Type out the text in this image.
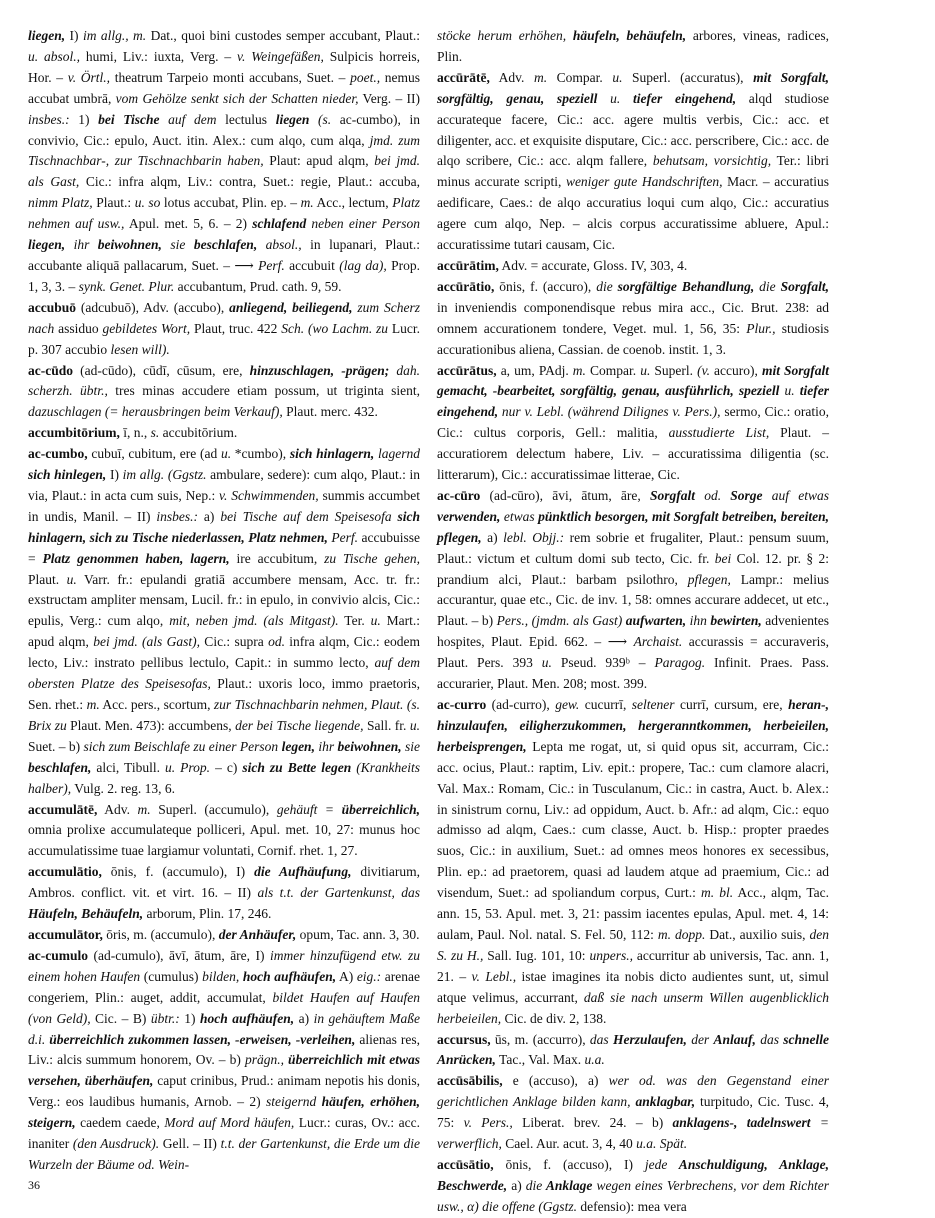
liegen, I) im allg., m. Dat., quoi bini custodes semper accubant, Plaut.: u. absol., humi, Liv.: iuxta, Verg. – v. Weingefäßen, Sulpicis horreis, Hor. – v. Örtl., theatrum Tarpeio monti accubans, Suet. – poet., nemus accubat umbrā, vom Gehölze senkt sich der Schatten nieder, Verg. – II) insbes.: 1) bei Tische auf dem lectulus liegen (s. ac-cumbo), in convivio, Cic.: epulo, Auct. itin. Alex.: cum alqo, cum alqa, jmd. zum Tischnachbar-, zur Tischnachbarin haben, Plaut: apud alqm, bei jmd. als Gast, Cic.: infra alqm, Liv.: contra, Suet.: regie, Plaut.: accuba, nimm Platz, Plaut.: u. so lotus accubat, Plin. ep. – m. Acc., lectum, Platz nehmen auf usw., Apul. met. 5, 6. – 2) schlafend neben einer Person liegen, ihr beiwohnen, sie beschlafen, absol., in lupanari, Plaut.: accubante aliquā pallacarum, Suet. – ⟶ Perf. accubuit (lag da), Prop. 1, 3, 3. – synk. Genet. Plur. accubantum, Prud. cath. 9, 59.

accubuō (adcubuō), Adv. (accubo), anliegend, beiliegend, zum Scherz nach assiduo gebildetes Wort, Plaut, truc. 422 Sch. (wo Lachm. zu Lucr. p. 307 accubio lesen will).

ac-cūdo (ad-cūdo), cūdī, cūsum, ere, hinzuschlagen, -prägen; dah. scherzh. übtr., tres minas accudere etiam possum, ut triginta sient, dazuschlagen (= herausbringen beim Verkauf), Plaut. merc. 432.

accumbitōrium, ī, n., s. accubitōrium.

ac-cumbo, cubuī, cubitum, ere (ad u. *cumbo), sich hinlagern, lagernd sich hinlegen, I) im allg. (Ggstz. ambulare, sedere): cum alqo, Plaut.: in via, Plaut.: in acta cum suis, Nep.: v. Schwimmenden, summis accumbet in undis, Manil. – II) insbes.: a) bei Tische auf dem Speisesofa sich hinlagern, sich zu Tische niederlassen, Platz nehmen, Perf. accubuisse = Platz genommen haben, lagern, ire accubitum, zu Tische gehen, Plaut. u. Varr. fr.: epulandi gratiā accumbere mensam, Acc. tr. fr.: exstructam ampliter mensam, Lucil. fr.: in epulo, in convivio alcis, Cic.: epulis, Verg.: cum alqo, mit, neben jmd. (als Mitgast). Ter. u. Mart.: apud alqm, bei jmd. (als Gast), Cic.: supra od. infra alqm, Cic.: eodem lecto, Liv.: instrato pellibus lectulo, Capit.: in summo lecto, auf dem obersten Platze des Speisesofas, Plaut.: uxoris loco, immo praetoris, Sen. rhet.: m. Acc. pers., scortum, zur Tischnachbarin nehmen, Plaut. (s. Brix zu Plaut. Men. 473): accumbens, der bei Tische liegende, Sall. fr. u. Suet. – b) sich zum Beischlafe zu einer Person legen, ihr beiwohnen, sie beschlafen, alci, Tibull. u. Prop. – c) sich zu Bette legen (Krankheits halber), Vulg. 2. reg. 13, 6.

accumulātē, Adv. m. Superl. (accumulo), gehäuft = überreichlich, omnia prolixe accumulateque polliceri, Apul. met. 10, 27: munus hoc accumulatissime tuae largiamur voluntati, Cornif. rhet. 1, 27.

accumulātio, ōnis, f. (accumulo), I) die Aufhäufung, divitiarum, Ambros. conflict. vit. et virt. 16. – II) als t.t. der Gartenkunst, das Häufeln, Behäufeln, arborum, Plin. 17, 246.

accumulātor, ōris, m. (accumulo), der Anhäufer, opum, Tac. ann. 3, 30.

ac-cumulo (ad-cumulo), āvī, ātum, āre, I) immer hinzufügend etw. zu einem hohen Haufen (cumulus) bilden, hoch aufhäufen, A) eig.: arenae congeriem, Plin.: auget, addit, accumulat, bildet Haufen auf Haufen (von Geld), Cic. – B) übtr.: 1) hoch aufhäufen, a) in gehäuftem Maße d.i. überreichlich zukommen lassen, -erweisen, -verleihen, alienas res, Liv.: alcis summum honorem, Ov. – b) prägn., überreichlich mit etwas versehen, überhäufen, caput crinibus, Prud.: animam nepotis his donis, Verg.: eos laudibus humanis, Arnob. – 2) steigernd häufen, erhöhen, steigern, caedem caede, Mord auf Mord häufen, Lucr.: curas, Ov.: acc. inaniter (den Ausdruck). Gell. – II) t.t. der Gartenkunst, die Erde um die Wurzeln der Bäume od. Wein-

stöcke herum erhöhen, häufeln, behäufeln, arbores, vineas, radices, Plin.

accūrātē, Adv. m. Compar. u. Superl. (accuratus), mit Sorgfalt, sorgfältig, genau, speziell u. tiefer eingehend, alqd studiose accurateque facere, Cic.: acc. agere multis verbis, Cic.: acc. et diligenter, acc. et exquisite disputare, Cic.: acc. perscribere, Cic.: acc. de alqo scribere, Cic.: acc. alqm fallere, behutsam, vorsichtig, Ter.: libri minus accurate scripti, weniger gute Handschriften, Macr. – accuratius aedificare, Caes.: de alqo accuratius loqui cum alqo, Cic.: accuratius agere cum alqo, Nep. – alcis corpus accuratissime abluere, Apul.: accuratissime tutari causam, Cic.

accūrātim, Adv. = accurate, Gloss. IV, 303, 4.

accūrātio, ōnis, f. (accuro), die sorgfältige Behandlung, die Sorgfalt, in inveniendis componendisque rebus mira acc., Cic. Brut. 238: ad omnem accurationem tondere, Veget. mul. 1, 56, 35: Plur., studiosis accurationibus aliena, Cassian. de coenob. instit. 1, 3.

accūrātus, a, um, PAdj. m. Compar. u. Superl. (v. accuro), mit Sorgfalt gemacht, -bearbeitet, sorgfältig, genau, ausführlich, speziell u. tiefer eingehend, nur v. Lebl. (während Dilignes v. Pers.), sermo, Cic.: oratio, Cic.: cultus corporis, Gell.: malitia, ausstudierte List, Plaut. – accuratiorem delectum habere, Liv. – accuratissima diligentia (sc. litterarum), Cic.: accuratissimae litterae, Cic.

ac-cūro (ad-cūro), āvi, ātum, āre, Sorgfalt od. Sorge auf etwas verwenden, etwas pünktlich besorgen, mit Sorgfalt betreiben, bereiten, pflegen, a) lebl. Objj.: rem sobrie et frugaliter, Plaut.: pensum suum, Plaut.: victum et cultum domi sub tecto, Cic. fr. bei Col. 12. pr. § 2: prandium alci, Plaut.: barbam psilothro, pflegen, Lampr.: melius accurantur, quae etc., Cic. de inv. 1, 58: omnes accurare addecet, ut etc., Plaut. – b) Pers., (jmdm. als Gast) aufwarten, ihn bewirten, advenientes hospites, Plaut. Epid. 662. – ⟶ Archaist. accurassis = accuraveris, Plaut. Pers. 393 u. Pseud. 939ᵇ – Paragog. Infinit. Praes. Pass. accurarier, Plaut. Men. 208; most. 399.

ac-curro (ad-curro), gew. cucurrī, seltener currī, cursum, ere, heran-, hinzulaufen, eiligherzukommen, hergeranntkommen, herbeieilen, herbeisprengen, Lepta me rogat, ut, si quid opus sit, accurram, Cic.: acc. ocius, Plaut.: raptim, Liv. epit.: propere, Tac.: cum clamore alacri, Val. Max.: Romam, Cic.: in Tusculanum, Cic.: in castra, Auct. b. Alex.: in sinistrum cornu, Liv.: ad oppidum, Auct. b. Afr.: ad alqm, Cic.: equo admisso ad alqm, Caes.: cum classe, Auct. b. Hisp.: propter praedes suos, Cic.: in auxilium, Suet.: ad omnes meos honores ex secessibus, Plin. ep.: ad praetorem, quasi ad laudem atque ad praemium, Cic.: ad visendum, Suet.: ad spoliandum corpus, Curt.: m. bl. Acc., alqm, Tac. ann. 15, 53. Apul. met. 3, 21: passim iacentes epulas, Apul. met. 4, 14: aulam, Paul. Nol. natal. S. Fel. 50, 112: m. dopp. Dat., auxilio suis, den S. zu H., Sall. Iug. 101, 10: unpers., accurritur ab universis, Tac. ann. 1, 21. – v. Lebl., istae imagines ita nobis dicto audientes sunt, ut, simul atque velimus, accurrant, daß sie nach unserm Willen augenblicklich herbeieilen, Cic. de div. 2, 138.

accursus, ūs, m. (accurro), das Herzulaufen, der Anlauf, das schnelle Anrücken, Tac., Val. Max. u.a.

accūsābilis, e (accuso), a) wer od. was den Gegenstand einer gerichtlichen Anklage bilden kann, anklagbar, turpitudo, Cic. Tusc. 4, 75: v. Pers., Liberat. brev. 24. – b) anklagens-, tadelnswert = verwerflich, Cael. Aur. acut. 3, 4, 40 u.a. Spät.

accūsātio, ōnis, f. (accuso), I) jede Anschuldigung, Anklage, Beschwerde, a) die Anklage wegen eines Verbrechens, vor dem Richter usw., α) die offene (Ggstz. defensio): mea vera

36
